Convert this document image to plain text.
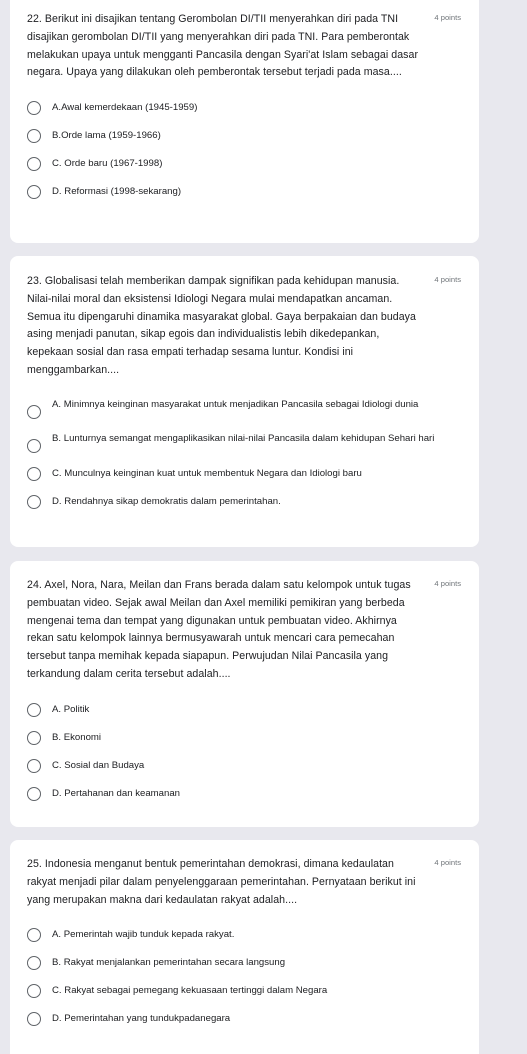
22. Berikut ini disajikan tentang Gerombolan DI/TII menyerahkan diri pada TNI disajikan gerombolan DI/TII yang menyerahkan diri pada TNI. Para pemberontak melakukan upaya untuk mengganti Pancasila dengan Syari'at Islam sebagai dasar negara. Upaya yang dilakukan oleh pemberontak tersebut terjadi pada masa....

4 points
A.Awal kemerdekaan (1945-1959)
B.Orde lama (1959-1966)
C. Orde baru (1967-1998)
D. Reformasi (1998-sekarang)

23. Globalisasi telah memberikan dampak signifikan pada kehidupan manusia. Nilai-nilai moral dan eksistensi Idiologi Negara mulai mendapatkan ancaman. Semua itu dipengaruhi dinamika masyarakat global. Gaya berpakaian dan budaya asing menjadi panutan, sikap egois dan individualistis lebih dikedepankan, kepekaan sosial dan rasa empati terhadap sesama luntur. Kondisi ini menggambarkan....

4 points
A. Minimnya keinginan masyarakat untuk menjadikan Pancasila sebagai Idiologi dunia
B. Lunturnya semangat mengaplikasikan nilai-nilai Pancasila dalam kehidupan Sehari hari
C. Munculnya keinginan kuat untuk membentuk Negara dan Idiologi baru
D. Rendahnya sikap demokratis dalam pemerintahan.

24. Axel, Nora, Nara, Meilan dan Frans berada dalam satu kelompok untuk tugas pembuatan video. Sejak awal Meilan dan Axel memiliki pemikiran yang berbeda mengenai tema dan tempat yang digunakan untuk pembuatan video. Akhirnya rekan satu kelompok lainnya bermusyawarah untuk mencari cara pemecahan tersebut tanpa memihak kepada siapapun. Perwujudan Nilai Pancasila yang terkandung dalam cerita tersebut adalah....

4 points
A. Politik
B. Ekonomi
C. Sosial dan Budaya
D. Pertahanan dan keamanan

25. Indonesia menganut bentuk pemerintahan demokrasi, dimana kedaulatan rakyat menjadi pilar dalam penyelenggaraan pemerintahan. Pernyataan berikut ini yang merupakan makna dari kedaulatan rakyat adalah....

4 points
A. Pemerintah wajib tunduk kepada rakyat.
B. Rakyat menjalankan pemerintahan secara langsung
C. Rakyat sebagai pemegang kekuasaan tertinggi dalam Negara
D. Pemerintahan yang tundukpadanegara
